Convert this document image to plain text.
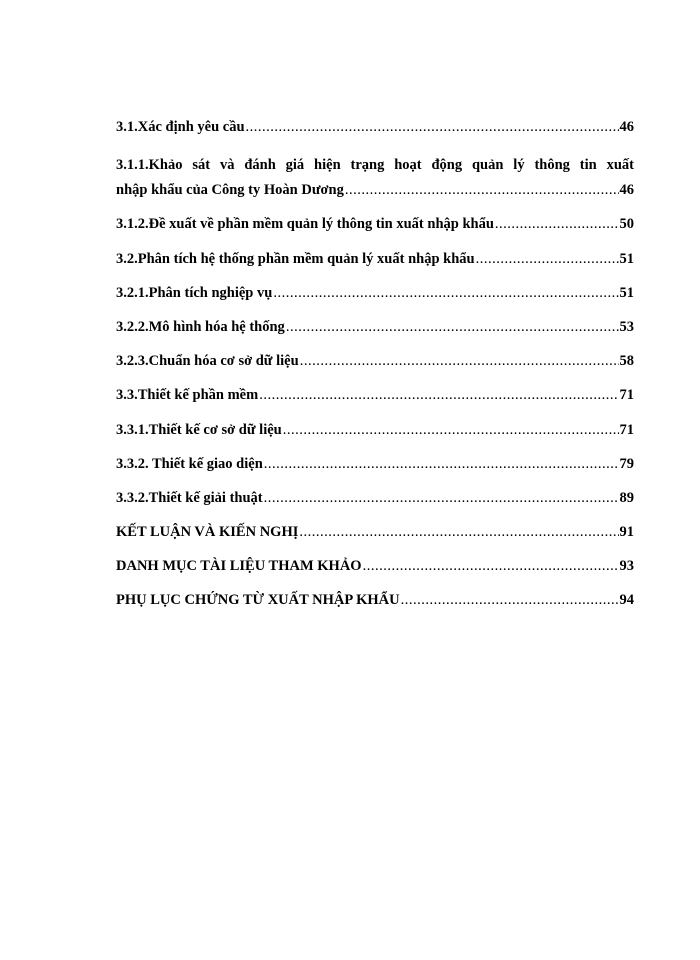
3.1. Xác định yêu cầu .....	46
3.1.1.Khảo sát và đánh giá hiện trạng hoạt động quản lý thông tin xuất
nhập khẩu của Công ty Hoàn Dương .....	46
3.1.2.Đề xuất về phần mềm quản lý thông tin xuất nhập khẩu .....	50
3.2. Phân tích hệ thống phần mềm quản lý xuất nhập khẩu .....	51
3.2.1.Phân tích nghiệp vụ .....	51
3.2.2.Mô hình hóa hệ thống .....	53
3.2.3.Chuẩn hóa cơ sở dữ liệu .....	58
3.3. Thiết kế phần mềm .....	71
3.3.1.Thiết kế cơ sở dữ liệu .....	71
3.3.2. Thiết kế giao diện .....	79
3.3.2.Thiết kế giải thuật .....	89
KẾT LUẬN VÀ KIẾN NGHỊ .....	91
DANH MỤC TÀI LIỆU THAM KHẢO .....	93
PHỤ LỤC CHỨNG TỪ XUẤT NHẬP KHẨU .....	94
